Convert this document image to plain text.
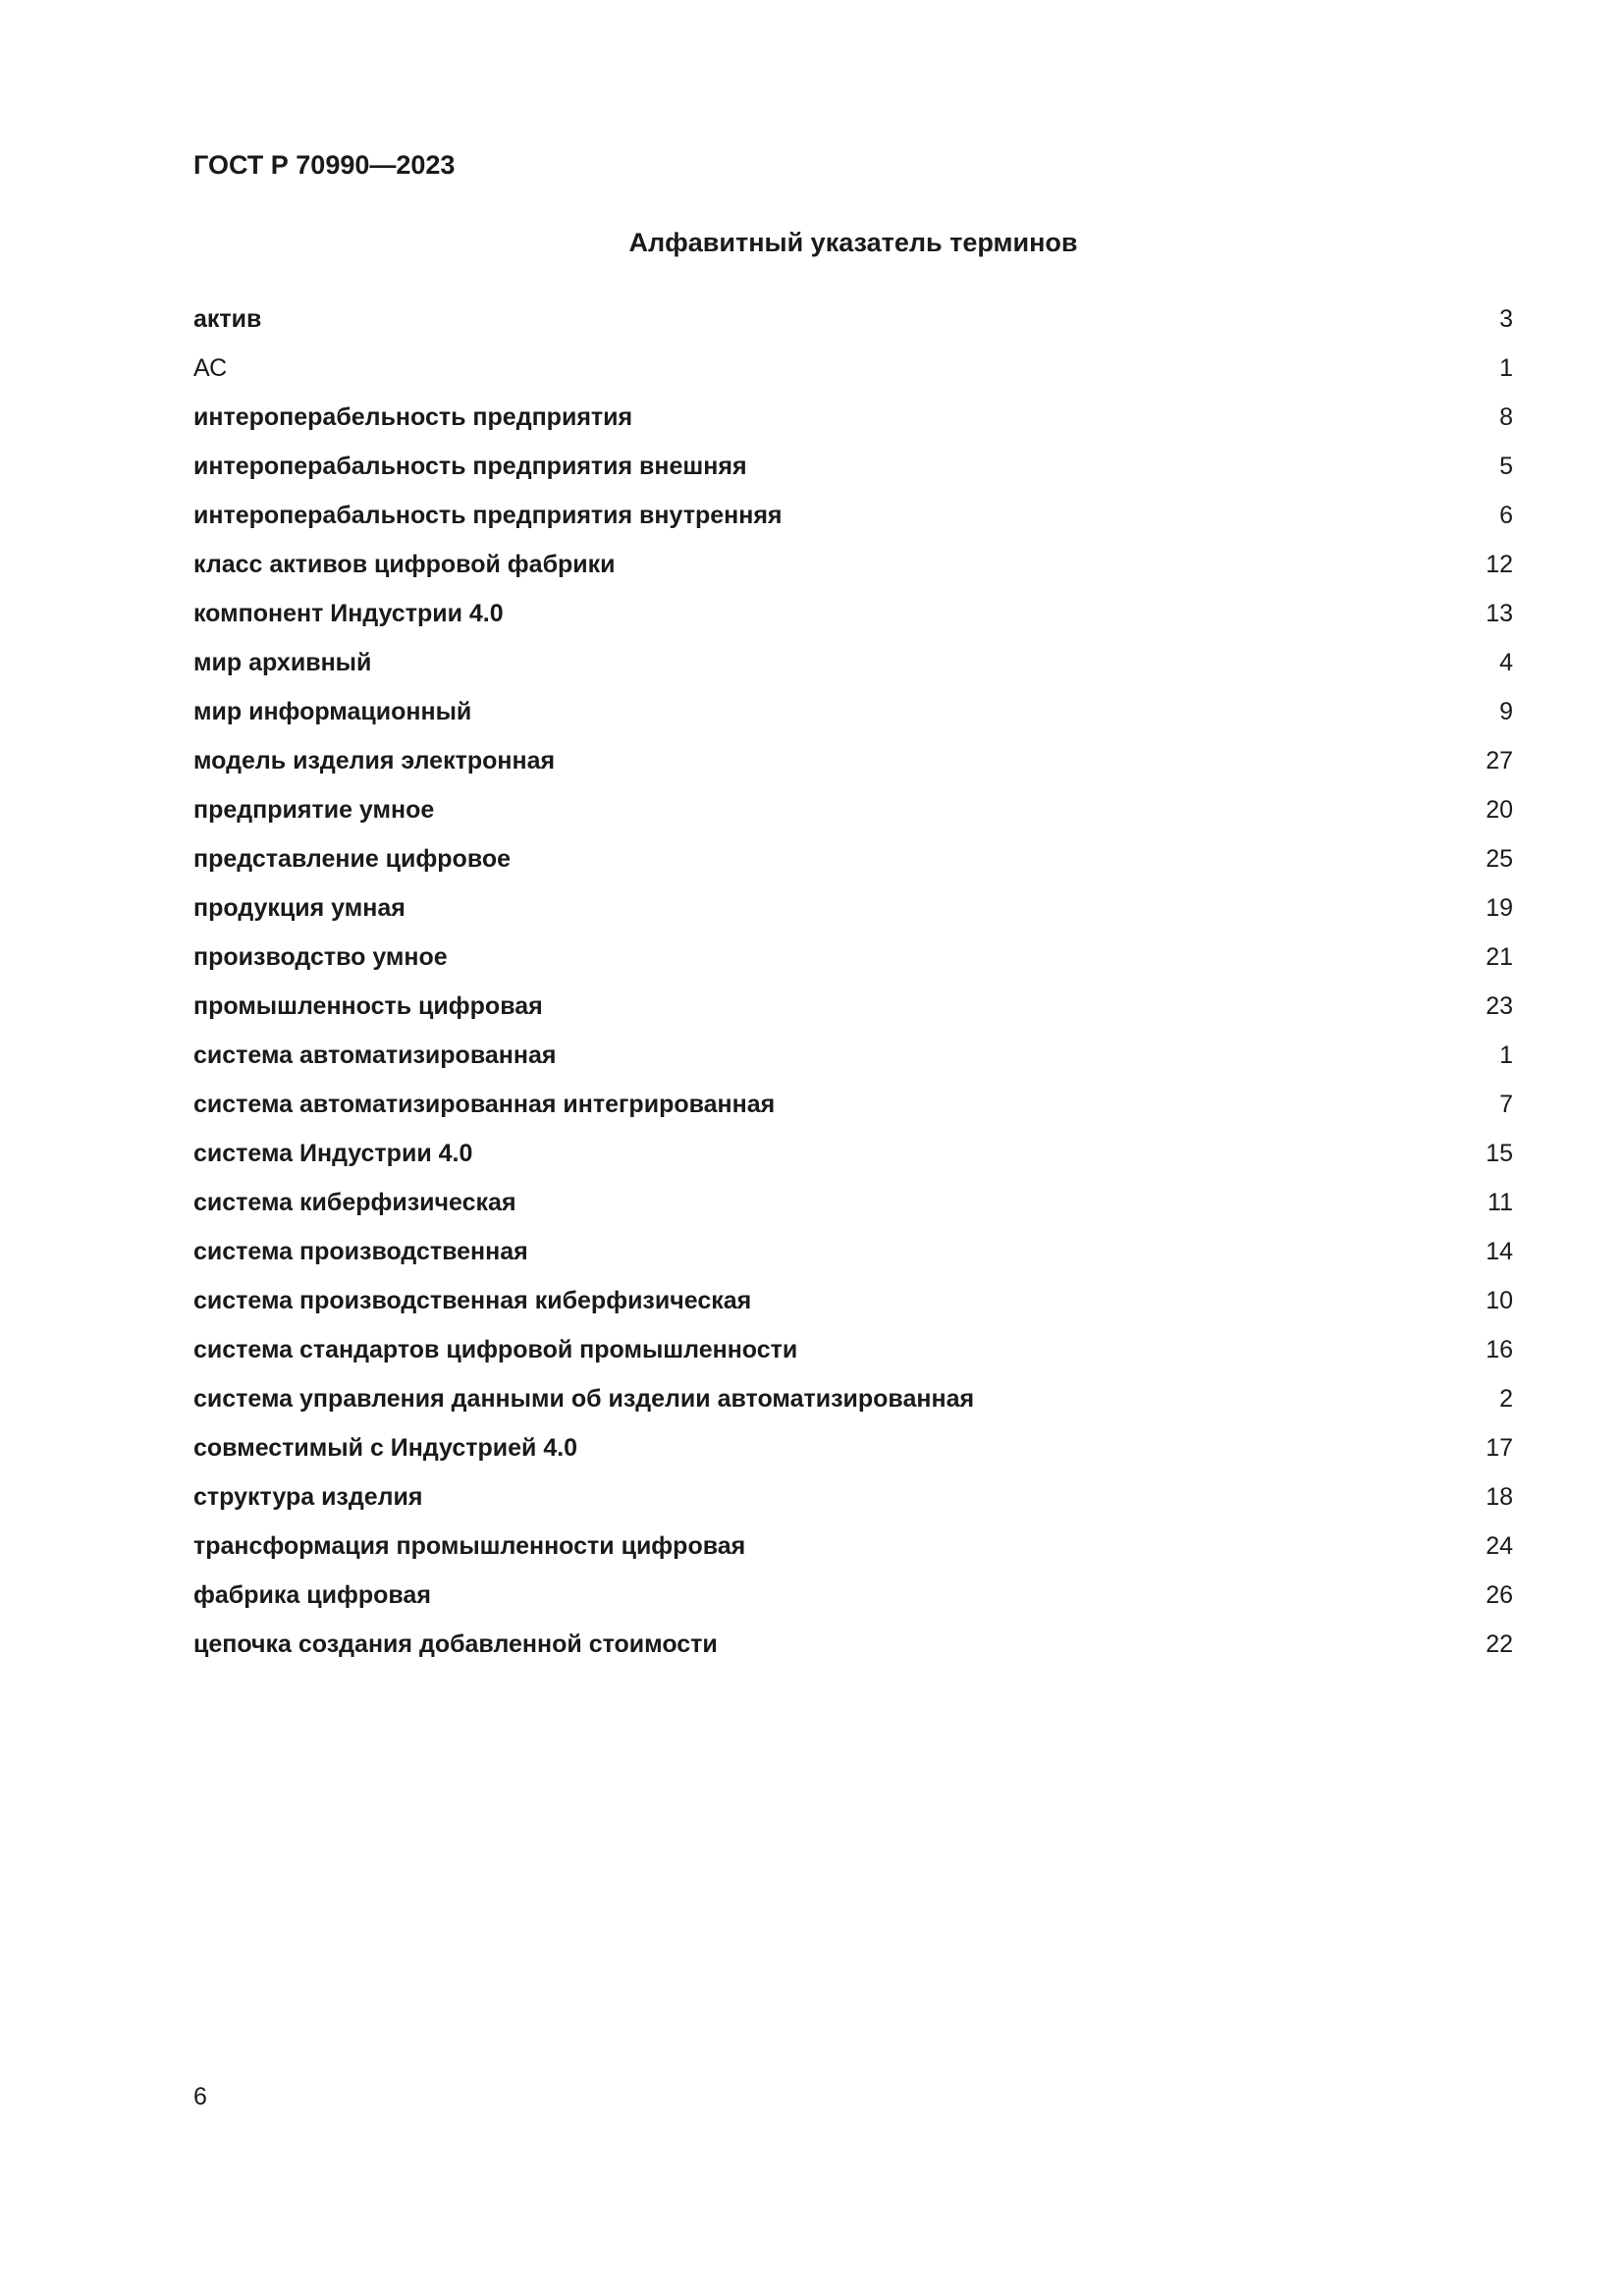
ГОСТ Р 70990—2023
Алфавитный указатель терминов
актив	3
АС	1
интероперабельность предприятия	8
интероперабальность предприятия внешняя	5
интероперабальность предприятия внутренняя	6
класс активов цифровой фабрики	12
компонент Индустрии 4.0	13
мир архивный	4
мир информационный	9
модель изделия электронная	27
предприятие умное	20
представление цифровое	25
продукция умная	19
производство умное	21
промышленность цифровая	23
система автоматизированная	1
система автоматизированная интегрированная	7
система Индустрии 4.0	15
система киберфизическая	11
система производственная	14
система производственная киберфизическая	10
система стандартов цифровой промышленности	16
система управления данными об изделии автоматизированная	2
совместимый с Индустрией 4.0	17
структура изделия	18
трансформация промышленности цифровая	24
фабрика цифровая	26
цепочка создания добавленной стоимости	22
6
